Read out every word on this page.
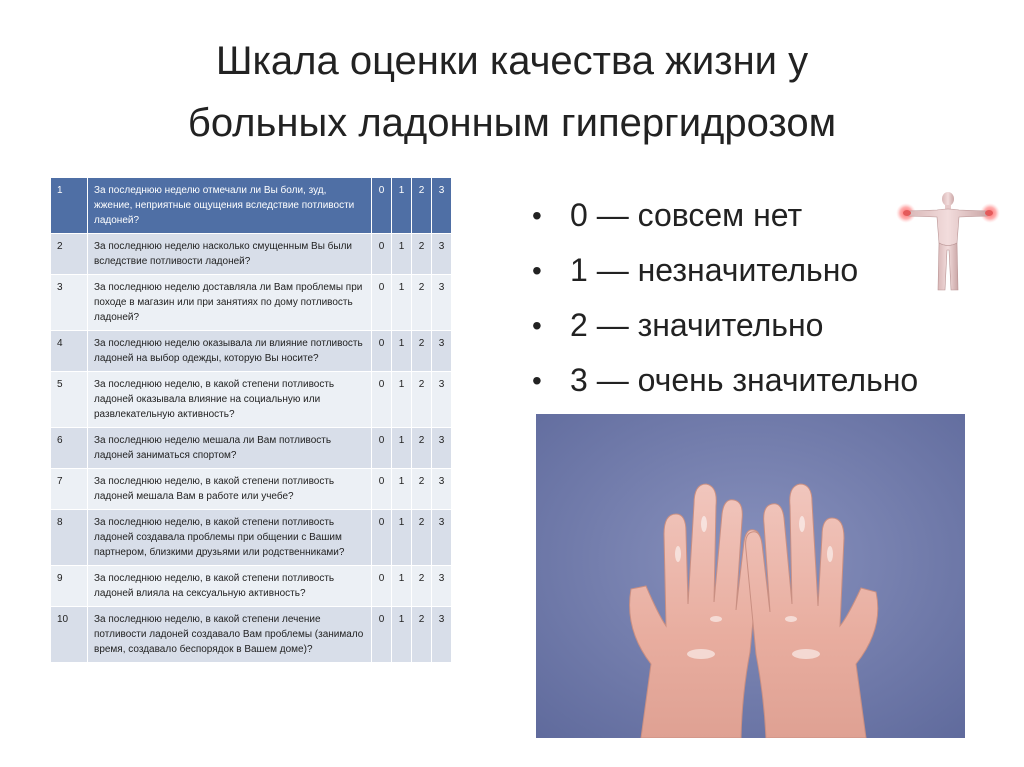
Шкала оценки качества жизни у
больных ладонным гипергидрозом
1	За последнюю неделю отмечали ли Вы боли, зуд, жжение, неприятные ощущения вследствие потливости ладоней?	0	1	2	3
2	За последнюю неделю насколько смущенным Вы были вследствие потливости ладоней?	0	1	2	3
3	За последнюю неделю доставляла ли Вам проблемы при походе в магазин или при занятиях по дому потливость ладоней?	0	1	2	3
4	За последнюю неделю оказывала ли влияние потливость ладоней на выбор одежды, которую Вы носите?	0	1	2	3
5	За последнюю неделю, в какой степени потливость ладоней оказывала влияние на социальную или развлекательную активность?	0	1	2	3
6	За последнюю неделю мешала ли Вам потливость ладоней заниматься спортом?	0	1	2	3
7	За последнюю неделю, в какой степени потливость ладоней мешала Вам в работе или учебе?	0	1	2	3
8	За последнюю неделю, в какой степени потливость ладоней создавала проблемы при общении с Вашим партнером, близкими друзьями или родственниками?	0	1	2	3
9	За последнюю неделю, в какой степени потливость ладоней влияла на сексуальную активность?	0	1	2	3
10	За последнюю неделю, в какой степени лечение потливости ладоней создавало Вам проблемы (занимало время, создавало беспорядок в Вашем доме)?	0	1	2	3
• 0 — совсем нет
• 1 — незначительно
• 2 — значительно
• 3 — очень значительно
